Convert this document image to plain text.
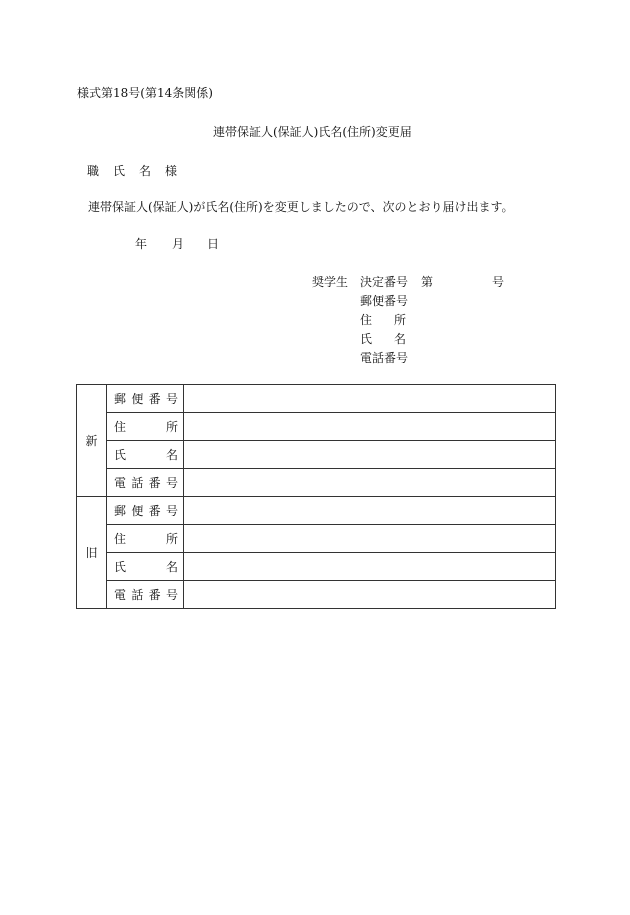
様式第18号(第14条関係)
連帯保証人(保証人)氏名(住所)変更届
職　氏　名　様
連帯保証人(保証人)が氏名(住所)を変更しましたので、次のとおり届け出ます。
年 月 日
奨学生 決定番号 第	号
郵便番号
住 所
氏 名
電話番号
新	郵 便 番 号	

	住 所	

	氏 名	

	電 話 番 号	

旧	郵 便 番 号	

	住 所	

	氏 名	

	電 話 番 号	
